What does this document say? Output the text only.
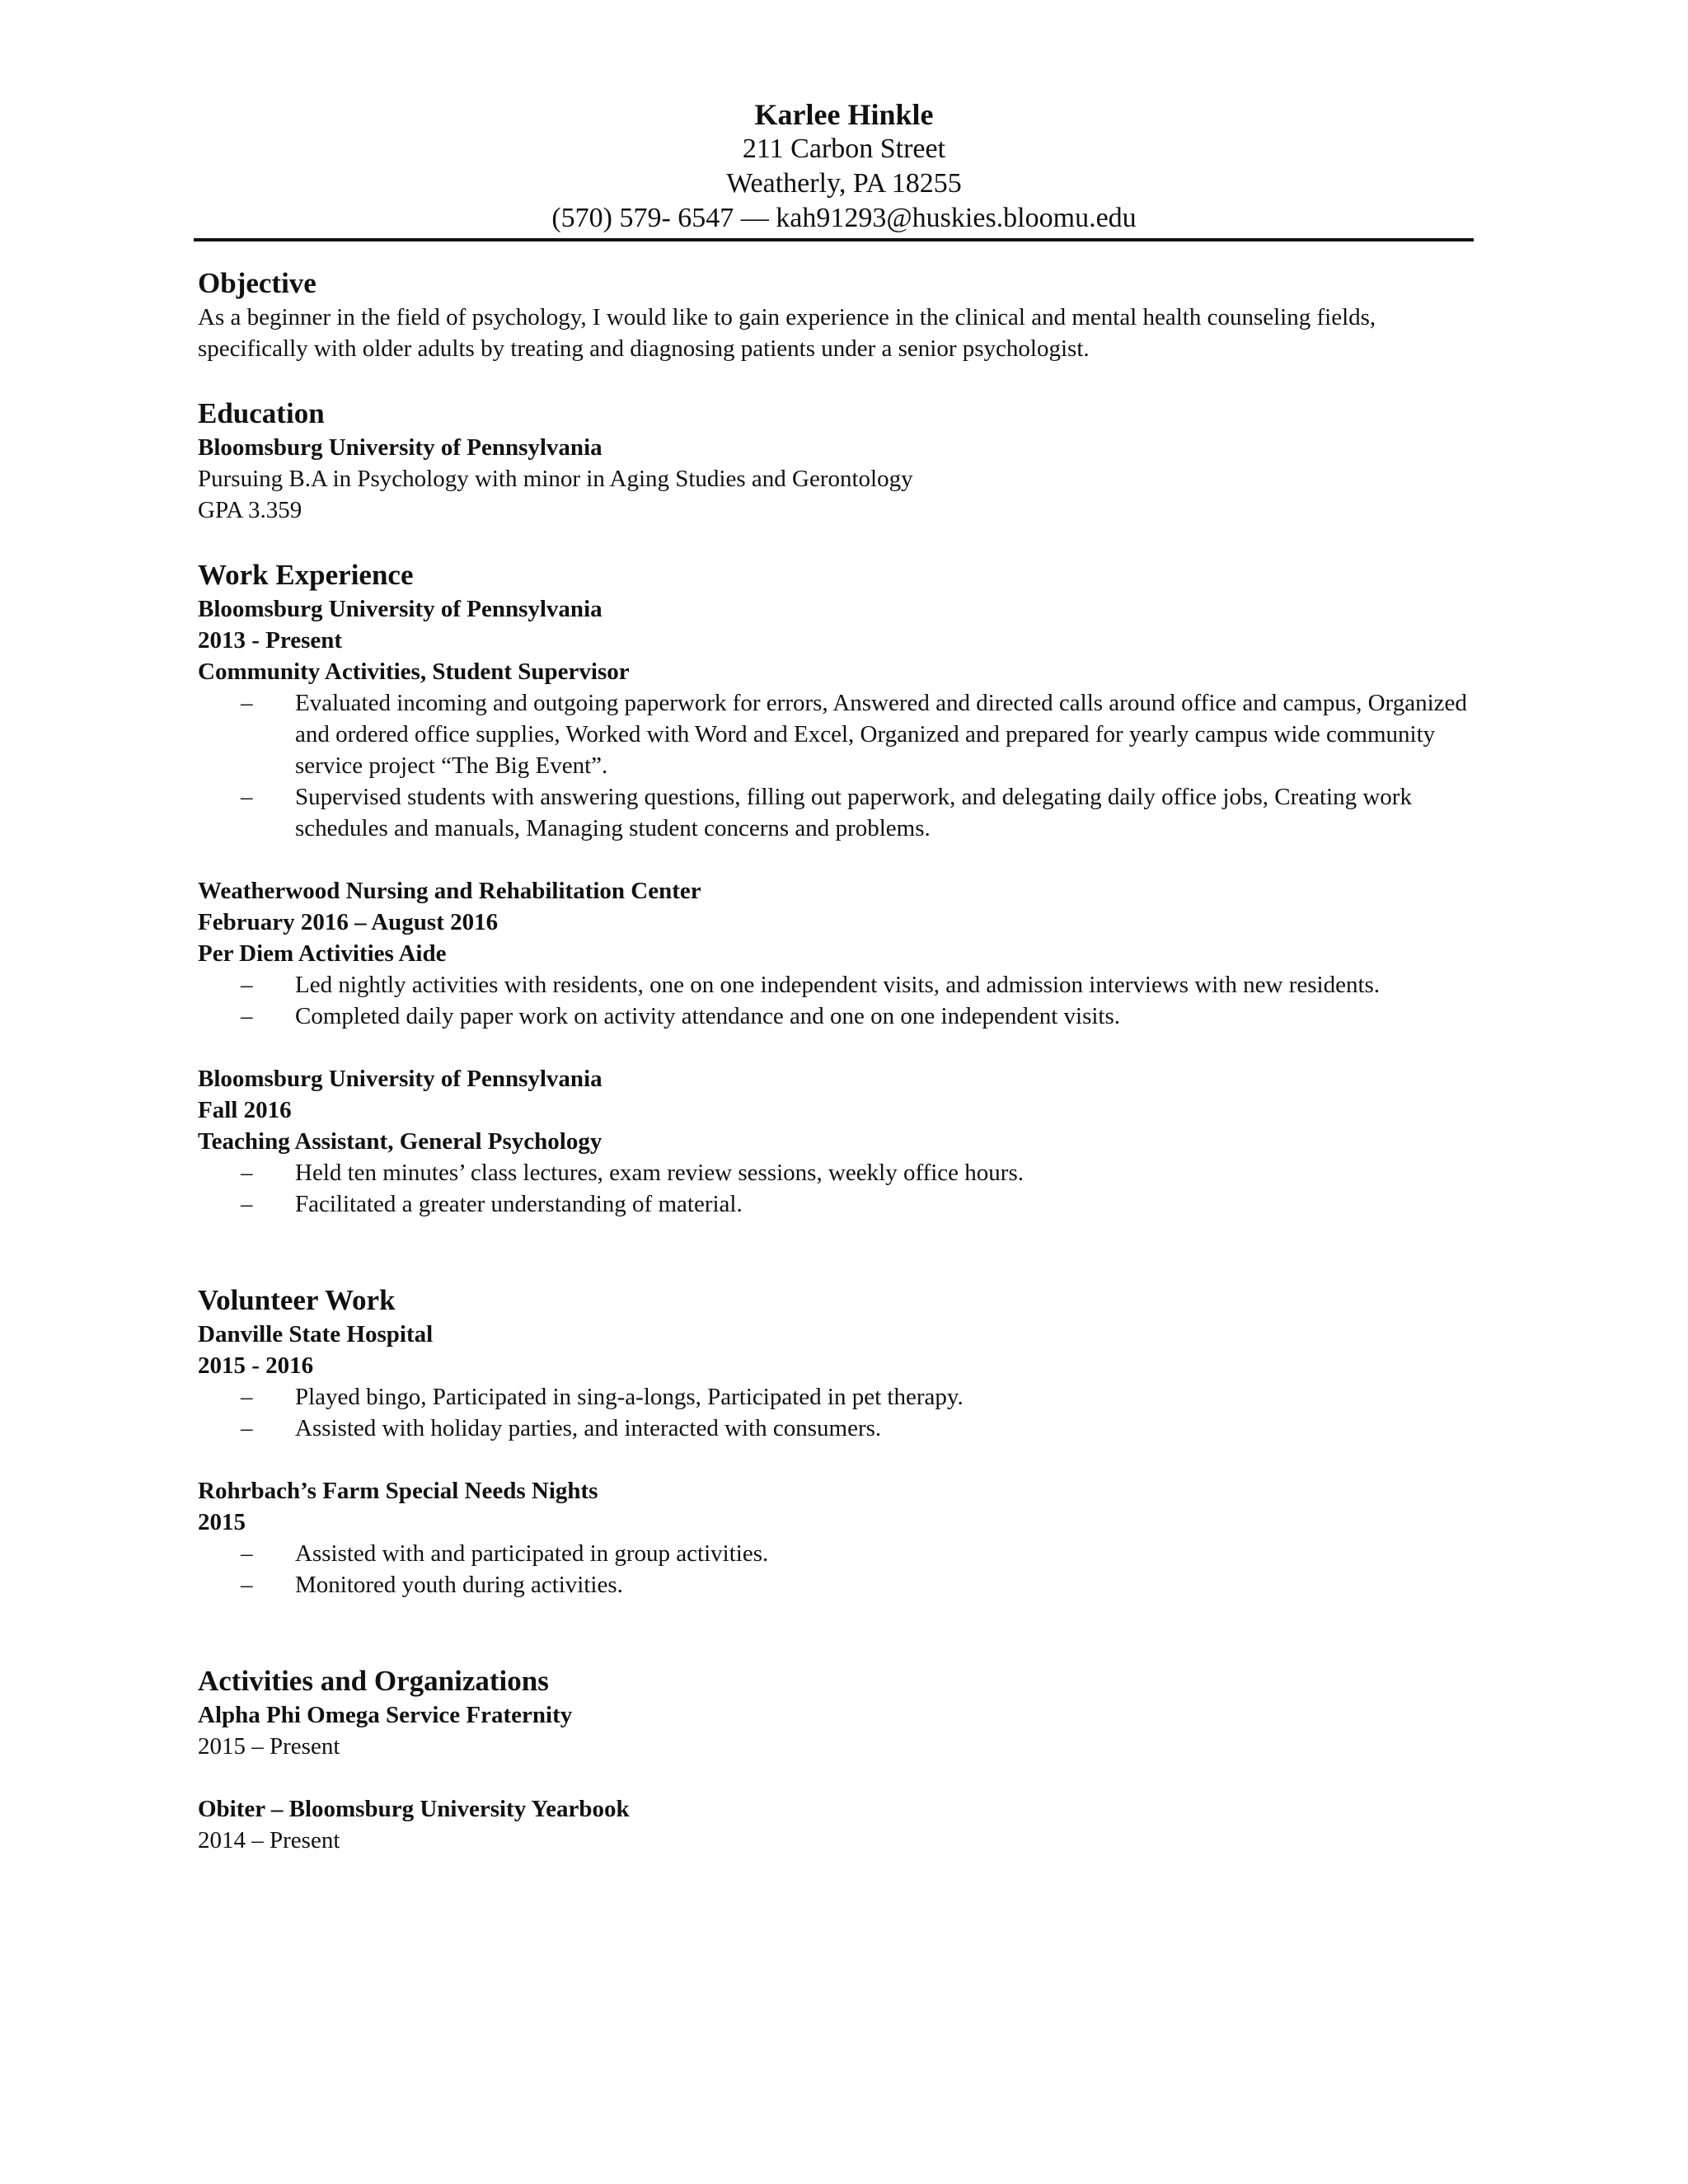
Karlee Hinkle
211 Carbon Street
Weatherly, PA 18255
(570) 579- 6547 — kah91293@huskies.bloomu.edu
Objective
As a beginner in the field of psychology, I would like to gain experience in the clinical and mental health counseling fields, specifically with older adults by treating and diagnosing patients under a senior psychologist.
Education
Bloomsburg University of Pennsylvania
Pursuing B.A in Psychology with minor in Aging Studies and Gerontology
GPA 3.359
Work Experience
Bloomsburg University of Pennsylvania
2013 - Present
Community Activities, Student Supervisor
– Evaluated incoming and outgoing paperwork for errors, Answered and directed calls around office and campus, Organized and ordered office supplies, Worked with Word and Excel, Organized and prepared for yearly campus wide community service project “The Big Event”.
– Supervised students with answering questions, filling out paperwork, and delegating daily office jobs, Creating work schedules and manuals, Managing student concerns and problems.
Weatherwood Nursing and Rehabilitation Center
February 2016 – August 2016
Per Diem Activities Aide
– Led nightly activities with residents, one on one independent visits, and admission interviews with new residents.
– Completed daily paper work on activity attendance and one on one independent visits.
Bloomsburg University of Pennsylvania
Fall 2016
Teaching Assistant, General Psychology
– Held ten minutes’ class lectures, exam review sessions, weekly office hours.
– Facilitated a greater understanding of material.
Volunteer Work
Danville State Hospital
2015 - 2016
– Played bingo, Participated in sing-a-longs, Participated in pet therapy.
– Assisted with holiday parties, and interacted with consumers.
Rohrbach’s Farm Special Needs Nights
2015
– Assisted with and participated in group activities.
– Monitored youth during activities.
Activities and Organizations
Alpha Phi Omega Service Fraternity
2015 – Present
Obiter – Bloomsburg University Yearbook
2014 – Present
